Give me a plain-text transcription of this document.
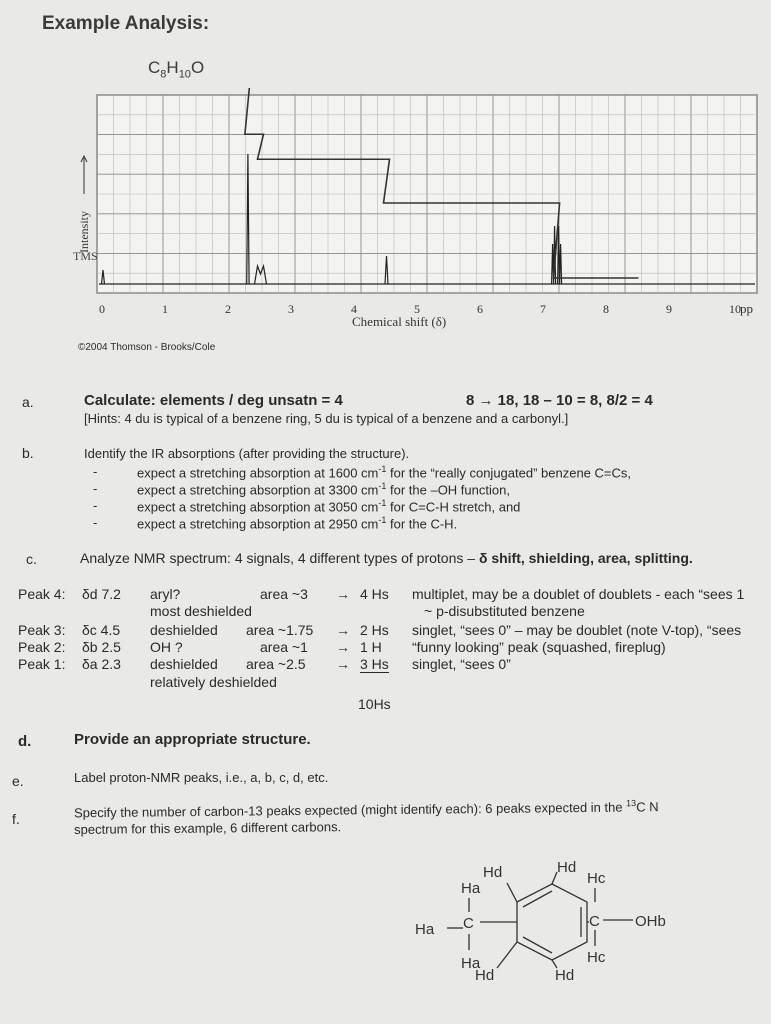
Example Analysis:
$C_8H_{10}O$
10
9
8
7
6
5
4
3
2
1
0
Intensity
TMS
Chemical shift (δ)
pp
©2004 Thomson - Brooks/Cole
a.	Calculate: elements / deg unsatn = 4	8 → 18, 18 – 10 = 8, 8/2 = 4
[Hints: 4 du is typical of a benzene ring, 5 du is typical of a benzene and a carbonyl.]
b.	Identify the IR absorptions (after providing the structure).
expect a stretching absorption at 1600 $cm^{-1}$ for the “really conjugated” benzene C=Cs,
expect a stretching absorption at 3300 $cm^{-1}$ for the –OH function,
expect a stretching absorption at 3050 $cm^{-1}$ for C=C-H stretch, and
expect a stretching absorption at 2950 $cm^{-1}$ for the C-H.
-
-
-
-
c.	Analyze NMR spectrum: 4 signals, 4 different types of protons – δ shift, shielding, area, splitting.
Peak 4: δd 7.2 aryl?	area ~3 → 4 Hs multiplet, may be a doublet of doublets - each “sees 1
most deshielded	~ p-disubstituted benzene
Peak 3: δc 4.5 deshielded area ~1.75 → 2 Hs singlet, “sees 0” – may be doublet (note V-top), “sees
Peak 2: δb 2.5 OH ?	area ~1 → 1 H “funny looking” peak (squashed, fireplug)
Peak 1: δa 2.3 deshielded area ~2.5 → 3 Hs singlet, “sees 0”
relatively deshielded
10Hs
d.	Provide an appropriate structure.
e.	Label proton-NMR peaks, i.e., a, b, c, d, etc.
f.	Specify the number of carbon-13 peaks expected (might identify each): 6 peaks expected in the $^{13}$C N
spectrum for this example, 6 different carbons.
Hd
Ha
Hd
Hc
Ha C	C OHb
Hc
Ha
Hd	Hd
